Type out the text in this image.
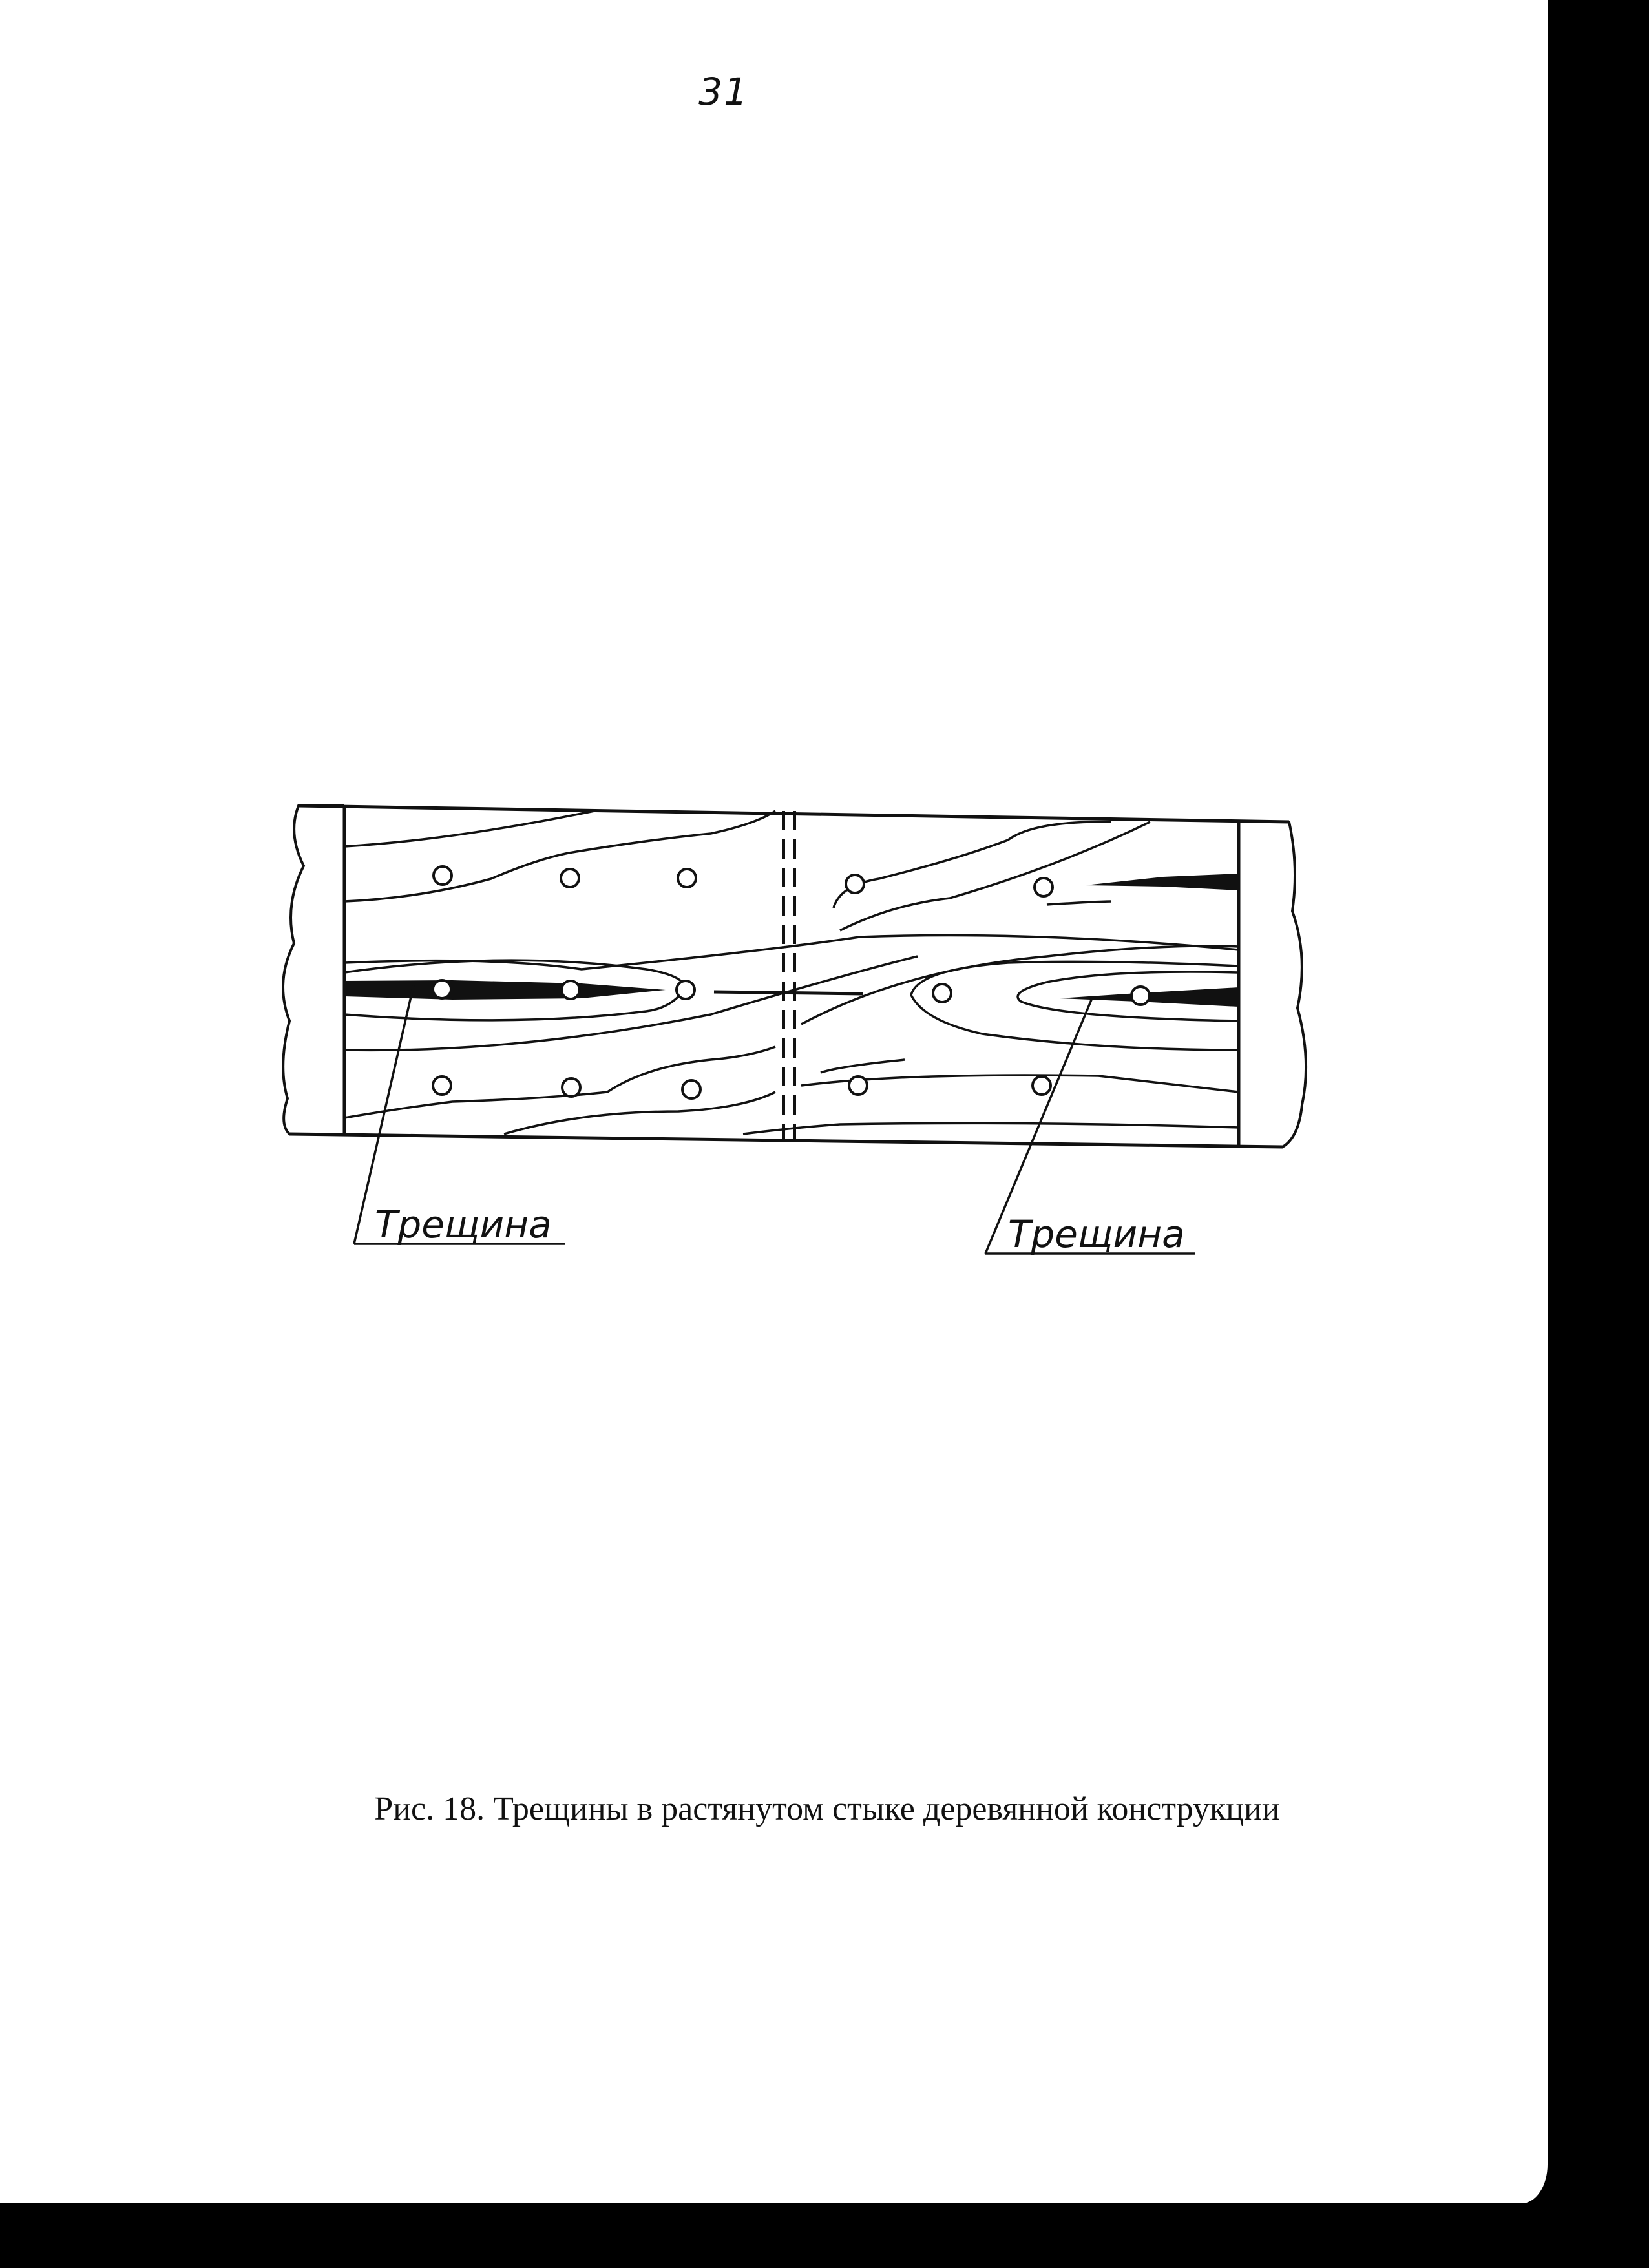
31
Трещина	Трещина
Рис. 18. Трещины в растянутом стыке деревянной конструкции
